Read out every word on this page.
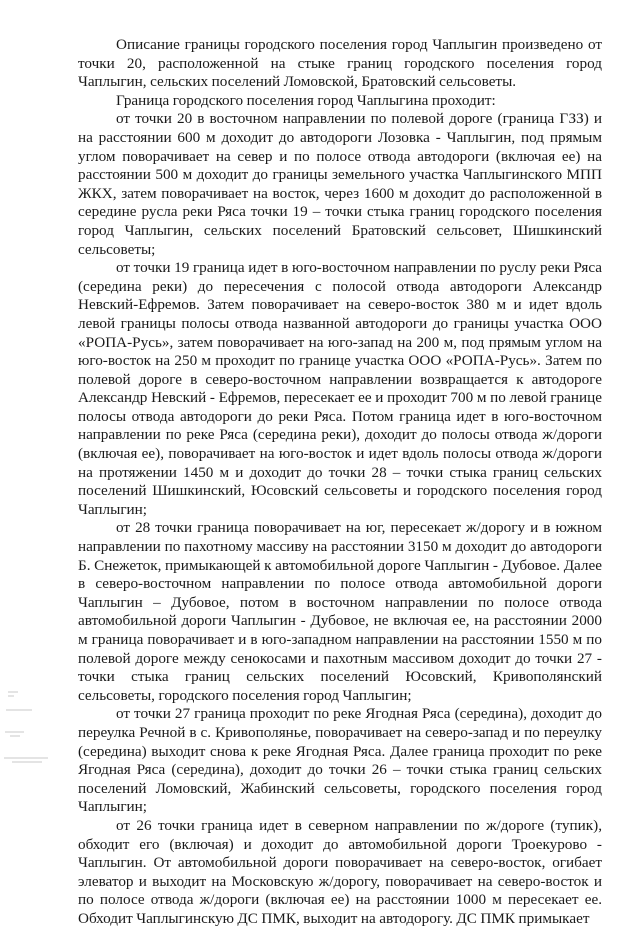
Описание границы городского поселения город Чаплыгин произведено от точки 20, расположенной на стыке границ городского поселения город Чаплыгин, сельских поселений Ломовской, Братовский сельсоветы.

Граница городского поселения город Чаплыгина проходит:

от точки 20 в восточном направлении по полевой дороге (граница ГЗЗ) и на расстоянии 600 м доходит до автодороги Лозовка - Чаплыгин, под прямым углом поворачивает на север и по полосе отвода автодороги (включая ее) на расстоянии 500 м доходит до границы земельного участка Чаплыгинского МПП ЖКХ, затем поворачивает на восток, через 1600 м доходит до расположенной в середине русла реки Ряса точки 19 – точки стыка границ городского поселения город Чаплыгин, сельских поселений Братовский сельсовет, Шишкинский сельсоветы;

от точки 19 граница идет в юго-восточном направлении по руслу реки Ряса (середина реки) до пересечения с полосой отвода автодороги Александр Невский-Ефремов. Затем поворачивает на северо-восток 380 м и идет вдоль левой границы полосы отвода названной автодороги до границы участка ООО «РОПА-Русь», затем поворачивает на юго-запад на 200 м, под прямым углом на юго-восток на 250 м проходит по границе участка ООО «РОПА-Русь». Затем по полевой дороге в северо-восточном направлении возвращается к автодороге Александр Невский - Ефремов, пересекает ее и проходит 700 м по левой границе полосы отвода автодороги до реки Ряса. Потом граница идет в юго-восточном направлении по реке Ряса (середина реки), доходит до полосы отвода ж/дороги (включая ее), поворачивает на юго-восток и идет вдоль полосы отвода ж/дороги на протяжении 1450 м и доходит до точки 28 – точки стыка границ сельских поселений Шишкинский, Юсовский сельсоветы и городского поселения город Чаплыгин;

от 28 точки граница поворачивает на юг, пересекает ж/дорогу и в южном направлении по пахотному массиву на расстоянии 3150 м доходит до автодороги Б. Снежеток, примыкающей к автомобильной дороге Чаплыгин - Дубовое. Далее в северо-восточном направлении по полосе отвода автомобильной дороги Чаплыгин – Дубовое, потом в восточном направлении по полосе отвода автомобильной дороги Чаплыгин - Дубовое, не включая ее, на расстоянии 2000 м граница поворачивает и в юго-западном направлении на расстоянии 1550 м по полевой дороге между сенокосами и пахотным массивом доходит до точки 27 - точки стыка границ сельских поселений Юсовский, Кривополянский сельсоветы, городского поселения город Чаплыгин;

от точки 27 граница проходит по реке Ягодная Ряса (середина), доходит до переулка Речной в с. Кривополянье, поворачивает на северо-запад и по переулку (середина) выходит снова к реке Ягодная Ряса. Далее граница проходит по реке Ягодная Ряса (середина), доходит до точки 26 – точки стыка границ сельских поселений Ломовский, Жабинский сельсоветы, городского поселения город Чаплыгин;

от 26 точки граница идет в северном направлении по ж/дороге (тупик), обходит его (включая) и доходит до автомобильной дороги Троекурово - Чаплыгин. От автомобильной дороги поворачивает на северо-восток, огибает элеватор и выходит на Московскую ж/дорогу, поворачивает на северо-восток и по полосе отвода ж/дороги (включая ее) на расстоянии 1000 м пересекает ее. Обходит Чаплыгинскую ДС ПМК, выходит на автодорогу. ДС ПМК примыкает
